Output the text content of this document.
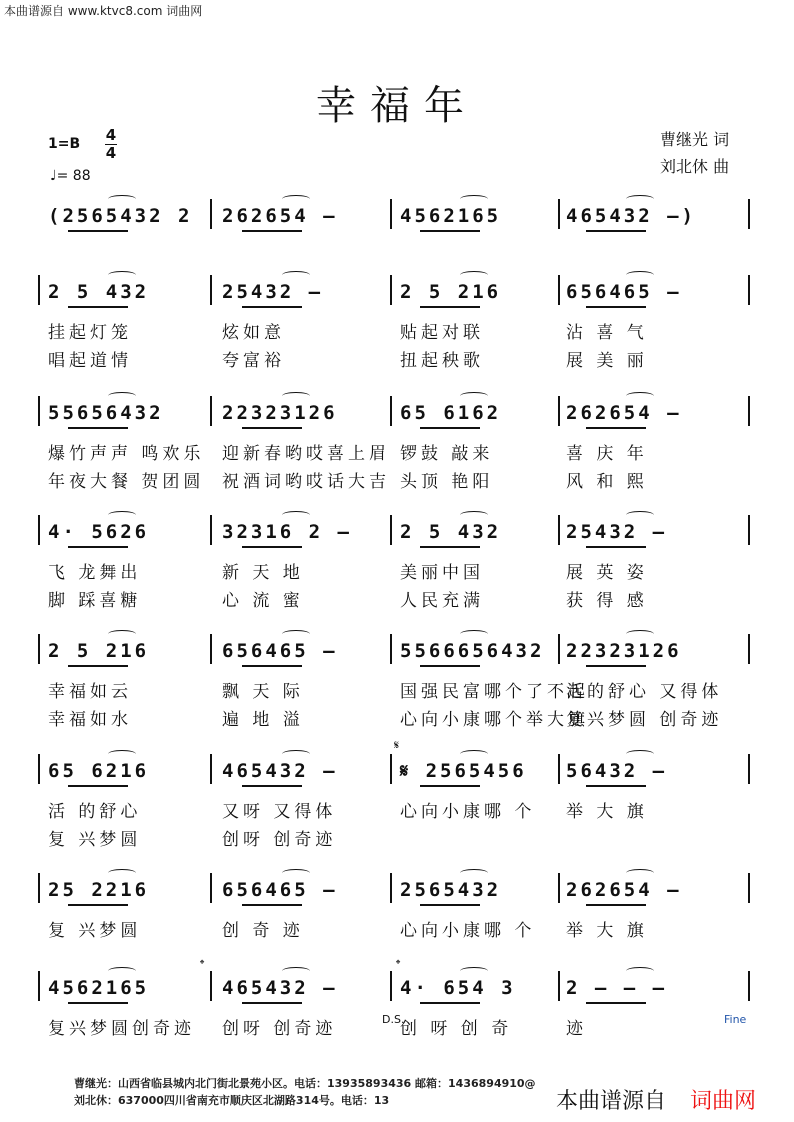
本曲谱源自 www.ktvc8.com 词曲网
幸福年
曹继光 词
刘北休 曲
1=B 4
4
♩= 88
(2565432 2 262654 –	4562165	465432 –)
2 5 432	25432 –	2 5 216	656465 –
挂起灯笼	炫如意	贴起对联	沾 喜 气
唱起道情	夸富裕	扭起秧歌	展 美 丽
55656432	22323126	65 6162	262654 –
爆竹声声 鸣欢乐 迎新春哟哎喜上眉 锣鼓 敲来	喜 庆 年
年夜大餐 贺团圆 祝酒词哟哎话大吉 头顶 艳阳	风 和 熙
4· 5626	32316 2 –	2 5 432	25432 –
飞 龙舞出	新 天 地	美丽中国	展 英 姿
脚 踩喜糖	心 流 蜜	人民充满	获 得 感
2 5 216	656465 –	5566656432 22323126
幸福如云	飘 天 际	国强民富哪个了不起
活的舒心 又得体
幸福如水	遍 地 溢	心向小康哪个举大旗
复兴梦圆 创奇迹
65 6216	465432 –	𝄋 2565456 56432 –
活 的舒心	又呀 又得体	心向小康哪 个 举 大 旗
复 兴梦圆	创呀 创奇迹
25 2216	656465 –	2565432	262654 –
复 兴梦圆	创 奇 迹	心向小康哪 个 举 大 旗
4562165	465432 –	4· 654 3	2 – – –
复兴梦圆创奇迹 创呀 创奇迹	创 呀 创 奇	迹
𝄋
D.S.	Fine
𝄌	𝄌
曹继光：山西省临县城内北门街北景苑小区。电话：13935893436 邮箱：1436894910@
刘北休：637000四川省南充市顺庆区北湖路314号。电话：13	本曲谱源自 词曲网
